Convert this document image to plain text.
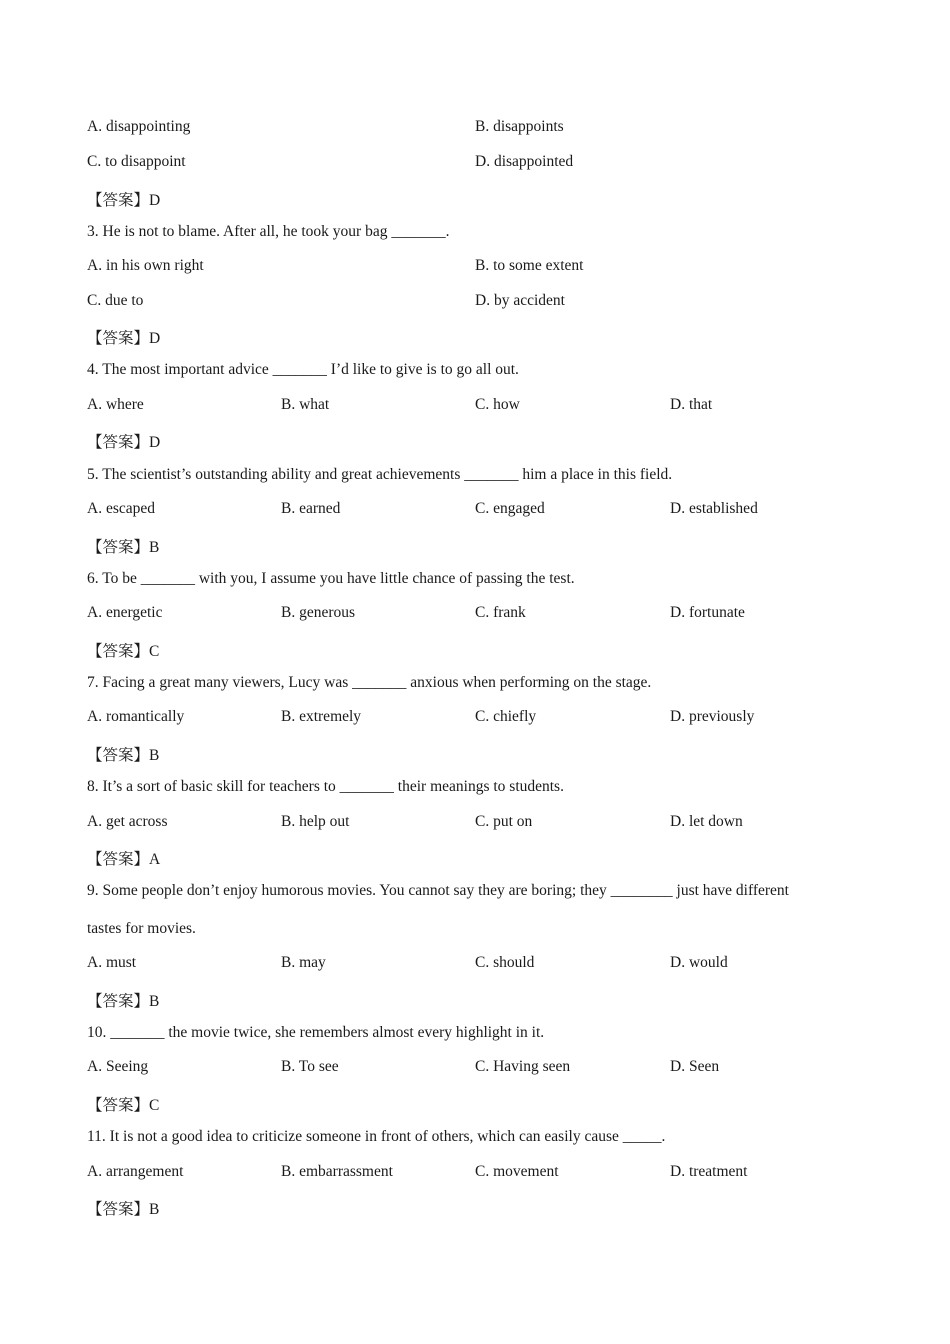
A. disappointing	B. disappoints
C. to disappoint	D. disappointed
【答案】D
3. He is not to blame. After all, he took your bag _______.
A. in his own right	B. to some extent
C. due to	D. by accident
【答案】D
4. The most important advice _______ I’d like to give is to go all out.
A. where	B. what	C. how	D. that
【答案】D
5. The scientist’s outstanding ability and great achievements _______ him a place in this field.
A. escaped	B. earned	C. engaged	D. established
【答案】B
6. To be _______ with you, I assume you have little chance of passing the test.
A. energetic	B. generous	C. frank	D. fortunate
【答案】C
7. Facing a great many viewers, Lucy was _______ anxious when performing on the stage.
A. romantically	B. extremely	C. chiefly	D. previously
【答案】B
8. It’s a sort of basic skill for teachers to _______ their meanings to students.
A. get across	B. help out	C. put on	D. let down
【答案】A
9. Some people don’t enjoy humorous movies. You cannot say they are boring; they ________ just have different
tastes for movies.
A. must	B. may	C. should	D. would
【答案】B
10. _______ the movie twice, she remembers almost every highlight in it.
A. Seeing	B. To see	C. Having seen	D. Seen
【答案】C
11. It is not a good idea to criticize someone in front of others, which can easily cause _____.
A. arrangement	B. embarrassment	C. movement	D. treatment
【答案】B
